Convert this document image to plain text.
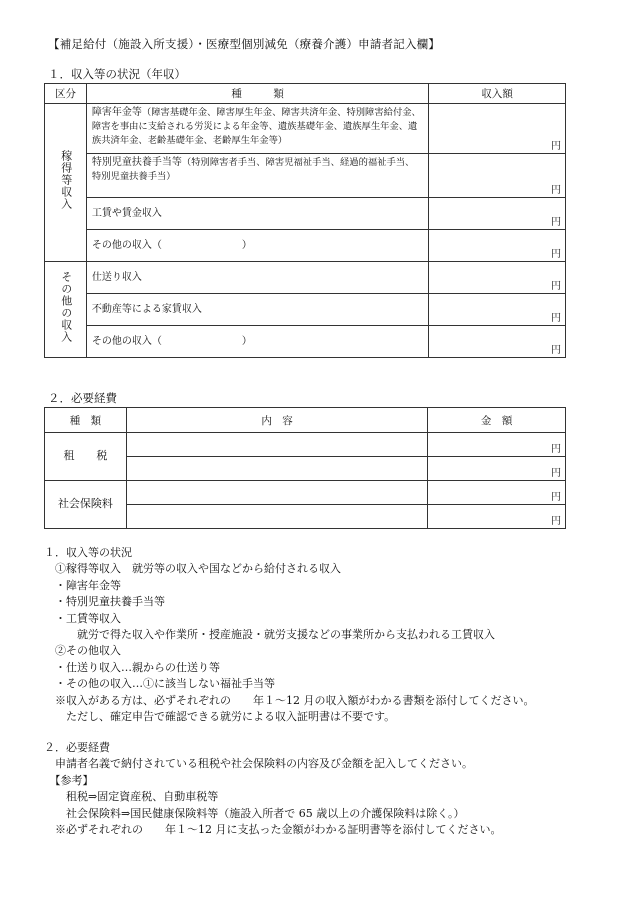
【補足給付（施設入所支援）・医療型個別減免（療養介護）申請者記入欄】
１．収入等の状況（年収）
区分	種　　　類	収入額
稼得等収入	障害年金等（障害基礎年金、障害厚生年金、障害共済年金、特別障害給付金、障害を事由に支給される労災による年金等、遺族基礎年金、遺族厚生年金、遺族共済年金、老齢基礎年金、老齢厚生年金等）	円
	特別児童扶養手当等（特別障害者手当、障害児福祉手当、経過的福祉手当、特別児童扶養手当）	円
	工賃や賃金収入	円
	その他の収入（　　　　　　　　）	円
その他の収入	仕送り収入	円
	不動産等による家賃収入	円
	その他の収入（　　　　　　　　）	円
２．必要経費
種　類	内　容	金　額
租　　税		円
		円
社会保険料		円
		円
１．収入等の状況
　①稼得等収入　就労等の収入や国などから給付される収入
　・障害年金等
　・特別児童扶養手当等
　・工賃等収入
　　　就労で得た収入や作業所・授産施設・就労支援などの事業所から支払われる工賃収入
　②その他収入
　・仕送り収入…親からの仕送り等
　・その他の収入…①に該当しない福祉手当等
　※収入がある方は、必ずそれぞれの　　年１～12 月の収入額がわかる書類を添付してください。
　　ただし、確定申告で確認できる就労による収入証明書は不要です。
２．必要経費
　申請者名義で納付されている租税や社会保険料の内容及び金額を記入してください。
　【参考】
　　租税⇒固定資産税、自動車税等
　　社会保険料⇒国民健康保険料等（施設入所者で 65 歳以上の介護保険料は除く。）
　※必ずそれぞれの　　年１～12 月に支払った金額がわかる証明書等を添付してください。
